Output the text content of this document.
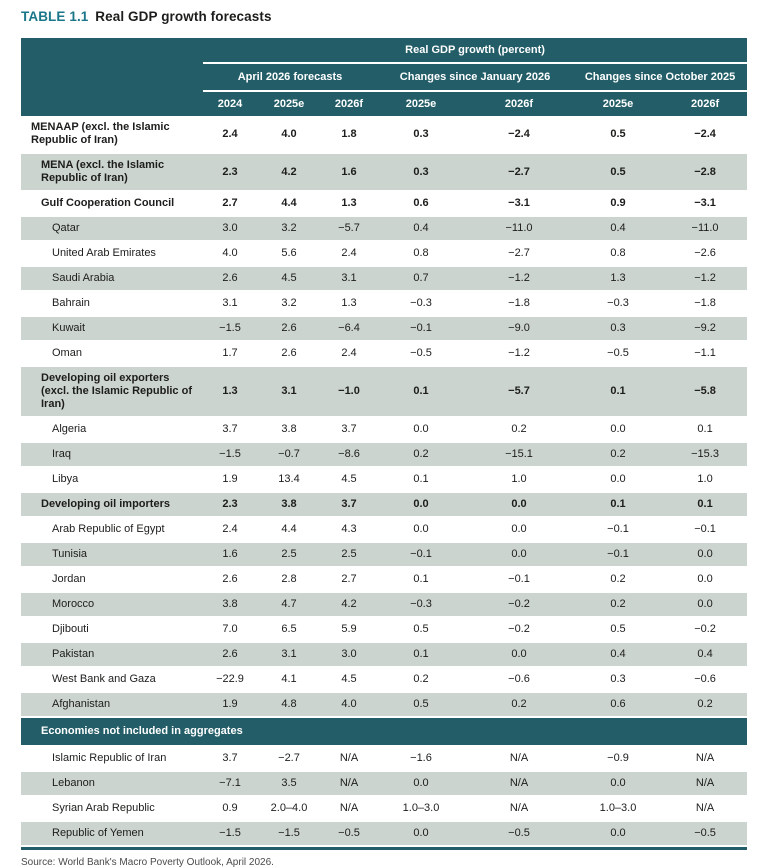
TABLE 1.1 Real GDP growth forecasts
	Real GDP growth (percent)						
	April 2026 forecasts			Changes since January 2026		Changes since October 2025	
	2024	2025e	2026f	2025e	2026f	2025e	2026f
MENAAP (excl. the Islamic Republic of Iran)	2.4	4.0	1.8	0.3	−2.4	0.5	−2.4
MENA (excl. the Islamic Republic of Iran)	2.3	4.2	1.6	0.3	−2.7	0.5	−2.8
Gulf Cooperation Council	2.7	4.4	1.3	0.6	−3.1	0.9	−3.1
Qatar	3.0	3.2	−5.7	0.4	−11.0	0.4	−11.0
United Arab Emirates	4.0	5.6	2.4	0.8	−2.7	0.8	−2.6
Saudi Arabia	2.6	4.5	3.1	0.7	−1.2	1.3	−1.2
Bahrain	3.1	3.2	1.3	−0.3	−1.8	−0.3	−1.8
Kuwait	−1.5	2.6	−6.4	−0.1	−9.0	0.3	−9.2
Oman	1.7	2.6	2.4	−0.5	−1.2	−0.5	−1.1
Developing oil exporters (excl. the Islamic Republic of Iran)	1.3	3.1	−1.0	0.1	−5.7	0.1	−5.8
Algeria	3.7	3.8	3.7	0.0	0.2	0.0	0.1
Iraq	−1.5	−0.7	−8.6	0.2	−15.1	0.2	−15.3
Libya	1.9	13.4	4.5	0.1	1.0	0.0	1.0
Developing oil importers	2.3	3.8	3.7	0.0	0.0	0.1	0.1
Arab Republic of Egypt	2.4	4.4	4.3	0.0	0.0	−0.1	−0.1
Tunisia	1.6	2.5	2.5	−0.1	0.0	−0.1	0.0
Jordan	2.6	2.8	2.7	0.1	−0.1	0.2	0.0
Morocco	3.8	4.7	4.2	−0.3	−0.2	0.2	0.0
Djibouti	7.0	6.5	5.9	0.5	−0.2	0.5	−0.2
Pakistan	2.6	3.1	3.0	0.1	0.0	0.4	0.4
West Bank and Gaza	−22.9	4.1	4.5	0.2	−0.6	0.3	−0.6
Afghanistan	1.9	4.8	4.0	0.5	0.2	0.6	0.2
Economies not included in aggregates							
Islamic Republic of Iran	3.7	−2.7	N/A	−1.6	N/A	−0.9	N/A
Lebanon	−7.1	3.5	N/A	0.0	N/A	0.0	N/A
Syrian Arab Republic	0.9	2.0–4.0	N/A	1.0–3.0	N/A	1.0–3.0	N/A
Republic of Yemen	−1.5	−1.5	−0.5	0.0	−0.5	0.0	−0.5
Source: World Bank's Macro Poverty Outlook, April 2026.
